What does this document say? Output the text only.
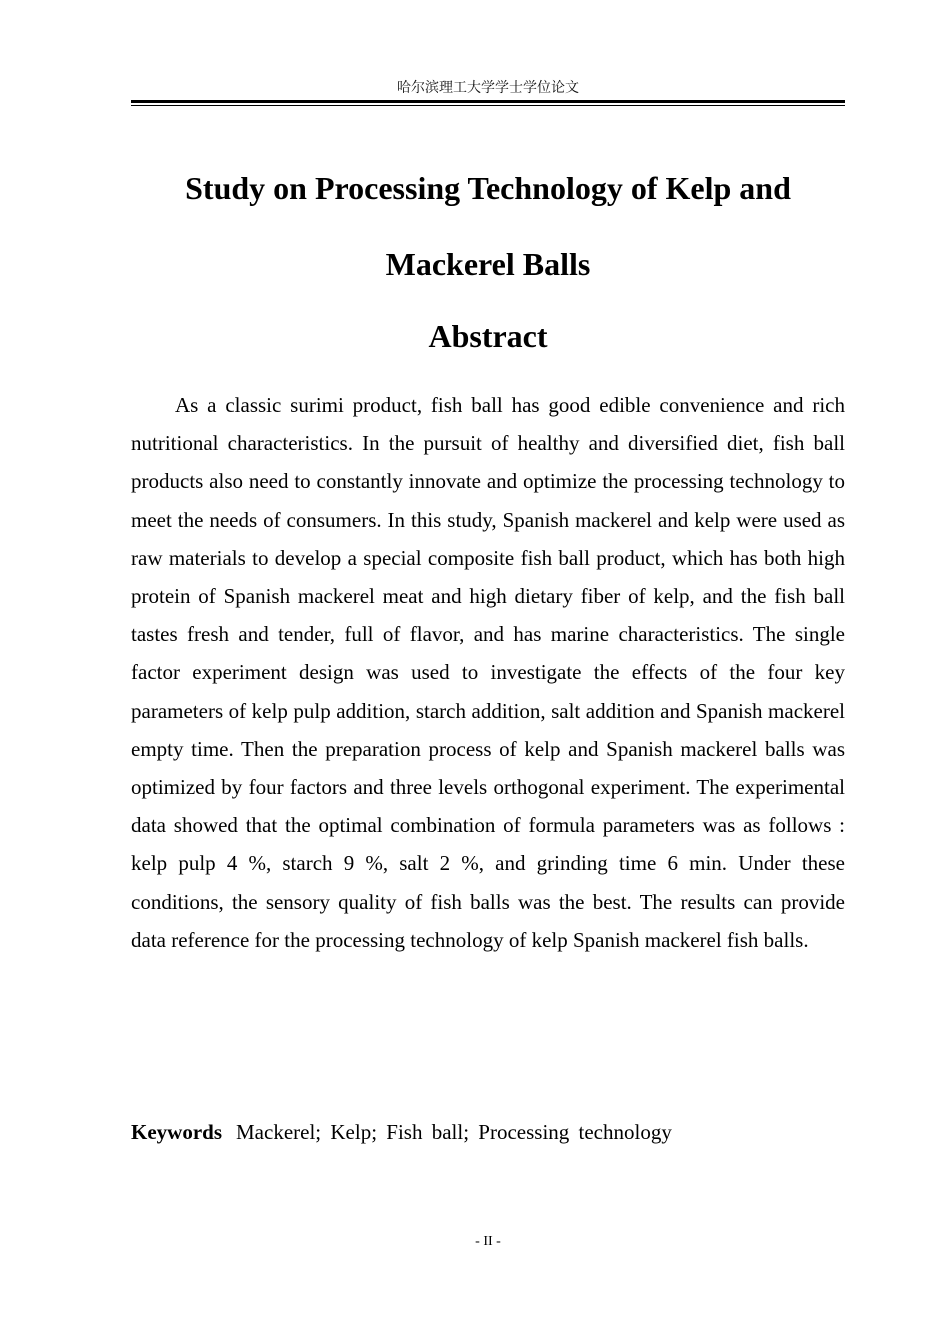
哈尔滨理工大学学士学位论文
Study on Processing Technology of Kelp and Mackerel Balls
Abstract

As a classic surimi product, fish ball has good edible convenience and rich nutritional characteristics. In the pursuit of healthy and diversified diet, fish ball products also need to constantly innovate and optimize the processing technology to meet the needs of consumers. In this study, Spanish mackerel and kelp were used as raw materials to develop a special composite fish ball product, which has both high protein of Spanish mackerel meat and high dietary fiber of kelp, and the fish ball tastes fresh and tender, full of flavor, and has marine characteristics. The single factor experiment design was used to investigate the effects of the four key parameters of kelp pulp addition, starch addition, salt addition and Spanish mackerel empty time. Then the preparation process of kelp and Spanish mackerel balls was optimized by four factors and three levels orthogonal experiment. The experimental data showed that the optimal combination of formula parameters was as follows : kelp pulp 4 %, starch 9 %, salt 2 %, and grinding time 6 min. Under these conditions, the sensory quality of fish balls was the best. The results can provide data reference for the processing technology of kelp Spanish mackerel fish balls.

Keywords Mackerel; Kelp; Fish ball; Processing technology
- II -
